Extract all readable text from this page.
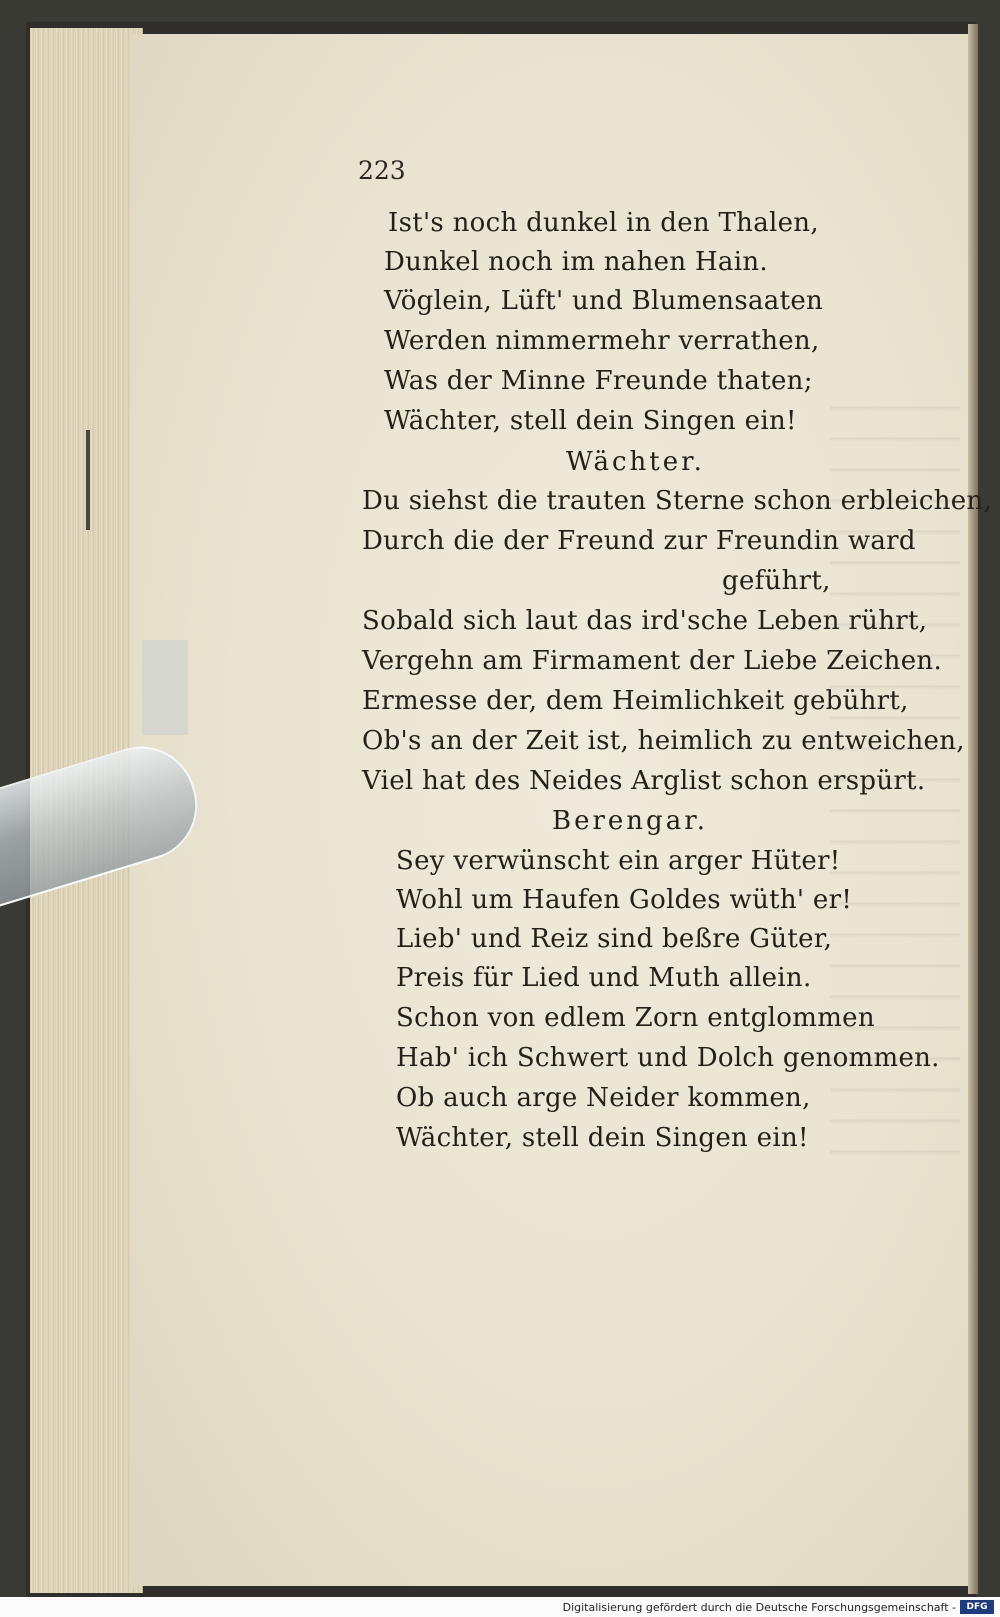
223
Ist's noch dunkel in den Thalen,
Dunkel noch im nahen Hain.
Vöglein, Lüft' und Blumensaaten
Werden nimmermehr verrathen,
Was der Minne Freunde thaten;
Wächter, stell dein Singen ein!
Wächter.
Du siehst die trauten Sterne schon erbleichen,
Durch die der Freund zur Freundin ward
geführt,
Sobald sich laut das ird'sche Leben rührt,
Vergehn am Firmament der Liebe Zeichen.
Ermesse der, dem Heimlichkeit gebührt,
Ob's an der Zeit ist, heimlich zu entweichen,
Viel hat des Neides Arglist schon erspürt.
Berengar.
Sey verwünscht ein arger Hüter!
Wohl um Haufen Goldes wüth' er!
Lieb' und Reiz sind beßre Güter,
Preis für Lied und Muth allein.
Schon von edlem Zorn entglommen
Hab' ich Schwert und Dolch genommen.
Ob auch arge Neider kommen,
Wächter, stell dein Singen ein!
Digitalisierung gefördert durch die Deutsche Forschungsgemeinschaft -	DFG
